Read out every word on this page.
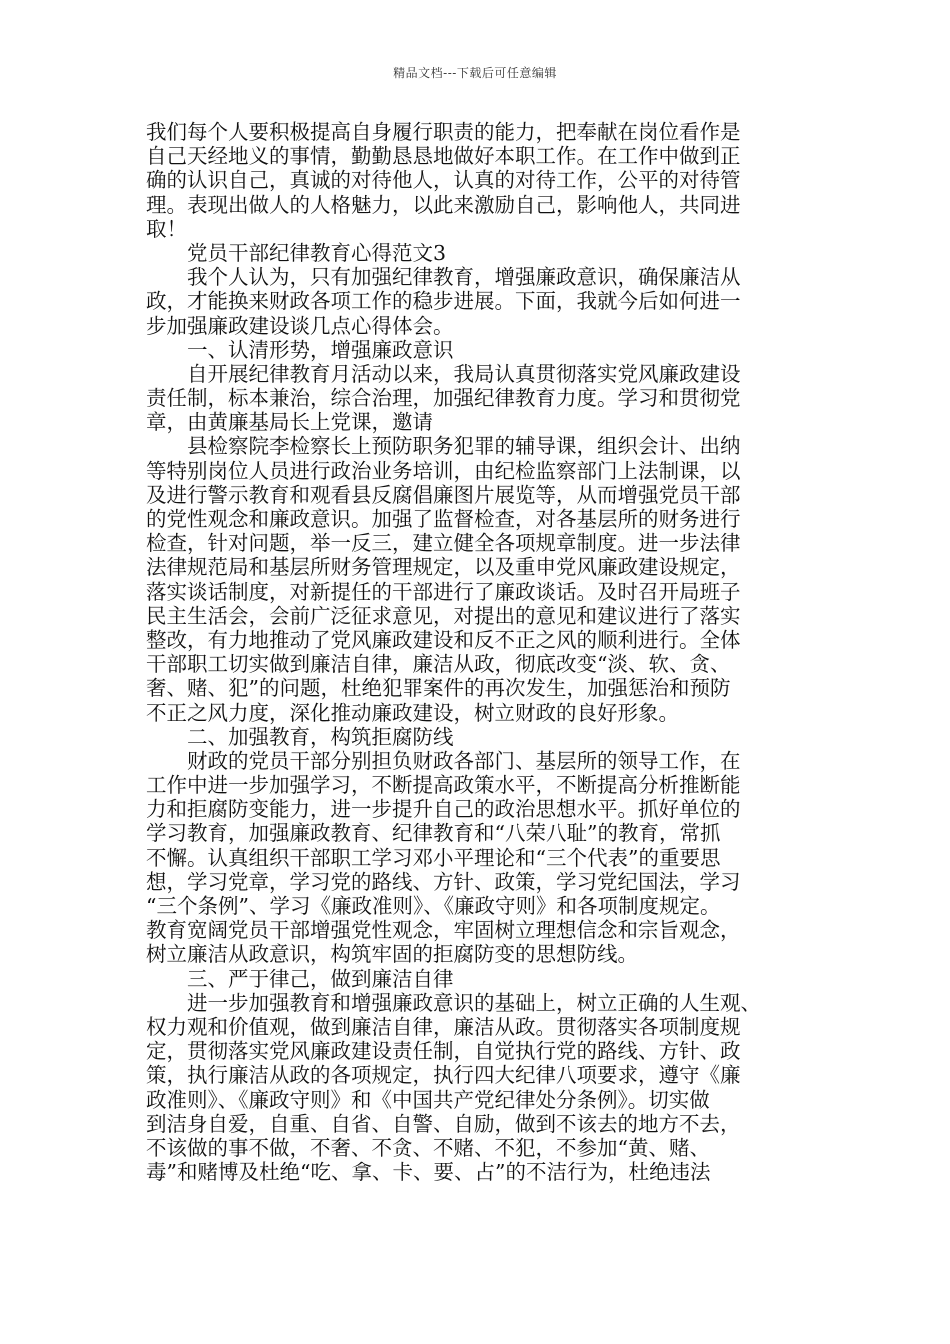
精品文档---下载后可任意编辑
我们每个人要积极提高自身履行职责的能力，把奉献在岗位看作是
自己天经地义的事情，勤勤恳恳地做好本职工作。在工作中做到正
确的认识自己，真诚的对待他人，认真的对待工作，公平的对待管
理。表现出做人的人格魅力，以此来激励自己，影响他人，共同进
取！
党员干部纪律教育心得范文3
我个人认为，只有加强纪律教育，增强廉政意识，确保廉洁从
政，才能换来财政各项工作的稳步进展。下面，我就今后如何进一
步加强廉政建设谈几点心得体会。
一、认清形势，增强廉政意识
自开展纪律教育月活动以来，我局认真贯彻落实党风廉政建设
责任制，标本兼治，综合治理，加强纪律教育力度。学习和贯彻党
章，由黄廉基局长上党课，邀请
县检察院李检察长上预防职务犯罪的辅导课，组织会计、出纳
等特别岗位人员进行政治业务培训，由纪检监察部门上法制课，以
及进行警示教育和观看县反腐倡廉图片展览等，从而增强党员干部
的党性观念和廉政意识。加强了监督检查，对各基层所的财务进行
检查，针对问题，举一反三，建立健全各项规章制度。进一步法律
法律规范局和基层所财务管理规定，以及重申党风廉政建设规定，
落实谈话制度，对新提任的干部进行了廉政谈话。及时召开局班子
民主生活会，会前广泛征求意见，对提出的意见和建议进行了落实
整改，有力地推动了党风廉政建设和反不正之风的顺利进行。全体
干部职工切实做到廉洁自律，廉洁从政，彻底改变“淡、软、贪、
奢、赌、犯”的问题，杜绝犯罪案件的再次发生，加强惩治和预防
不正之风力度，深化推动廉政建设，树立财政的良好形象。
二、加强教育，构筑拒腐防线
财政的党员干部分别担负财政各部门、基层所的领导工作，在
工作中进一步加强学习，不断提高政策水平，不断提高分析推断能
力和拒腐防变能力，进一步提升自己的政治思想水平。抓好单位的
学习教育，加强廉政教育、纪律教育和“八荣八耻”的教育，常抓
不懈。认真组织干部职工学习邓小平理论和“三个代表”的重要思
想，学习党章，学习党的路线、方针、政策，学习党纪国法，学习
“三个条例”、学习《廉政准则》、《廉政守则》和各项制度规定。
教育宽阔党员干部增强党性观念，牢固树立理想信念和宗旨观念，
树立廉洁从政意识，构筑牢固的拒腐防变的思想防线。
三、严于律己，做到廉洁自律
进一步加强教育和增强廉政意识的基础上，树立正确的人生观、
权力观和价值观，做到廉洁自律，廉洁从政。贯彻落实各项制度规
定，贯彻落实党风廉政建设责任制，自觉执行党的路线、方针、政
策，执行廉洁从政的各项规定，执行四大纪律八项要求，遵守《廉
政准则》、《廉政守则》和《中国共产党纪律处分条例》。切实做
到洁身自爱，自重、自省、自警、自励，做到不该去的地方不去，
不该做的事不做，不奢、不贪、不赌、不犯，不参加“黄、赌、
毒”和赌博及杜绝“吃、拿、卡、要、占”的不洁行为，杜绝违法
